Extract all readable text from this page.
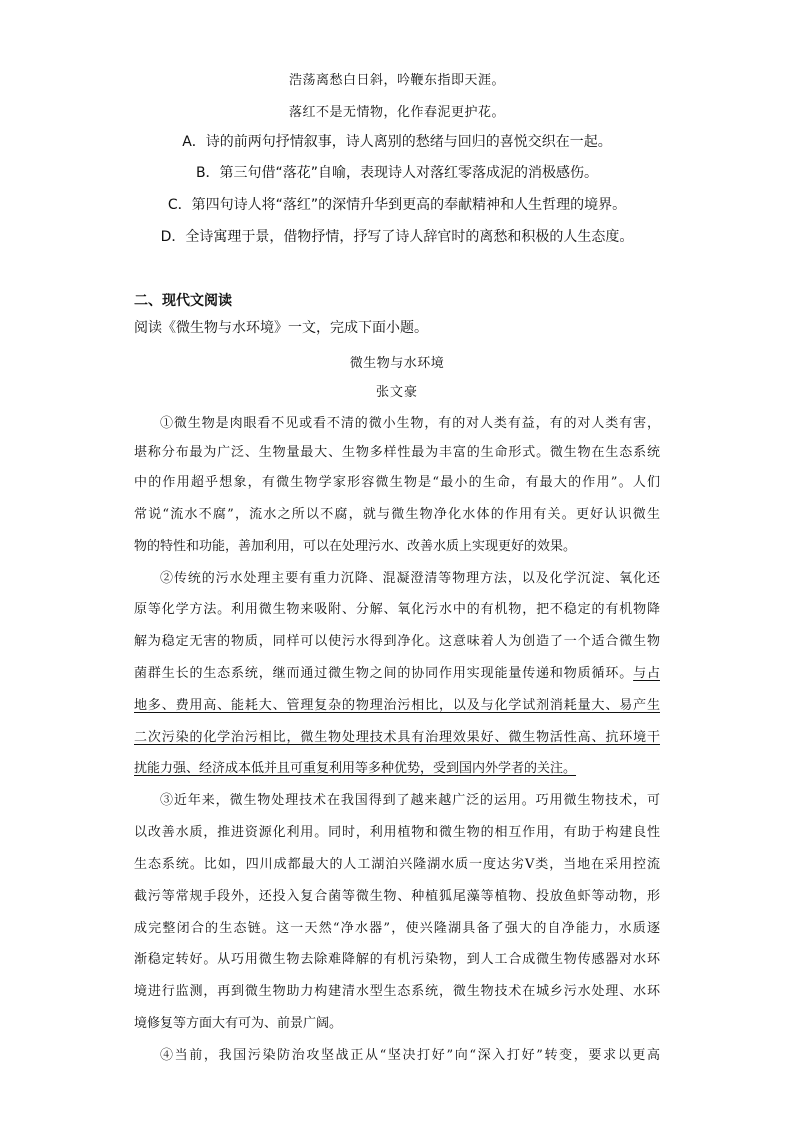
浩荡离愁白日斜，吟鞭东指即天涯。
落红不是无情物，化作春泥更护花。
A．诗的前两句抒情叙事，诗人离别的愁绪与回归的喜悦交织在一起。
B．第三句借“落花”自喻，表现诗人对落红零落成泥的消极感伤。
C．第四句诗人将“落红”的深情升华到更高的奉献精神和人生哲理的境界。
D．全诗寓理于景，借物抒情，抒写了诗人辞官时的离愁和积极的人生态度。
二、现代文阅读
阅读《微生物与水环境》一文，完成下面小题。
微生物与水环境
张文豪
①微生物是肉眼看不见或看不清的微小生物，有的对人类有益，有的对人类有害，
堪称分布最为广泛、生物量最大、生物多样性最为丰富的生命形式。微生物在生态系统
中的作用超乎想象，有微生物学家形容微生物是“最小的生命，有最大的作用”。人们
常说“流水不腐”，流水之所以不腐，就与微生物净化水体的作用有关。更好认识微生
物的特性和功能，善加利用，可以在处理污水、改善水质上实现更好的效果。
②传统的污水处理主要有重力沉降、混凝澄清等物理方法，以及化学沉淀、氧化还
原等化学方法。利用微生物来吸附、分解、氧化污水中的有机物，把不稳定的有机物降
解为稳定无害的物质，同样可以使污水得到净化。这意味着人为创造了一个适合微生物
菌群生长的生态系统，继而通过微生物之间的协同作用实现能量传递和物质循环。与占
地多、费用高、能耗大、管理复杂的物理治污相比，以及与化学试剂消耗量大、易产生
二次污染的化学治污相比，微生物处理技术具有治理效果好、微生物活性高、抗环境干
扰能力强、经济成本低并且可重复利用等多种优势，受到国内外学者的关注。
③近年来，微生物处理技术在我国得到了越来越广泛的运用。巧用微生物技术，可
以改善水质，推进资源化利用。同时，利用植物和微生物的相互作用，有助于构建良性
生态系统。比如，四川成都最大的人工湖泊兴隆湖水质一度达劣Ⅴ类，当地在采用控流
截污等常规手段外，还投入复合菌等微生物、种植狐尾藻等植物、投放鱼虾等动物，形
成完整闭合的生态链。这一天然“净水器”，使兴隆湖具备了强大的自净能力，水质逐
渐稳定转好。从巧用微生物去除难降解的有机污染物，到人工合成微生物传感器对水环
境进行监测，再到微生物助力构建清水型生态系统，微生物技术在城乡污水处理、水环
境修复等方面大有可为、前景广阔。
④当前，我国污染防治攻坚战正从“坚决打好”向“深入打好”转变，要求以更高
